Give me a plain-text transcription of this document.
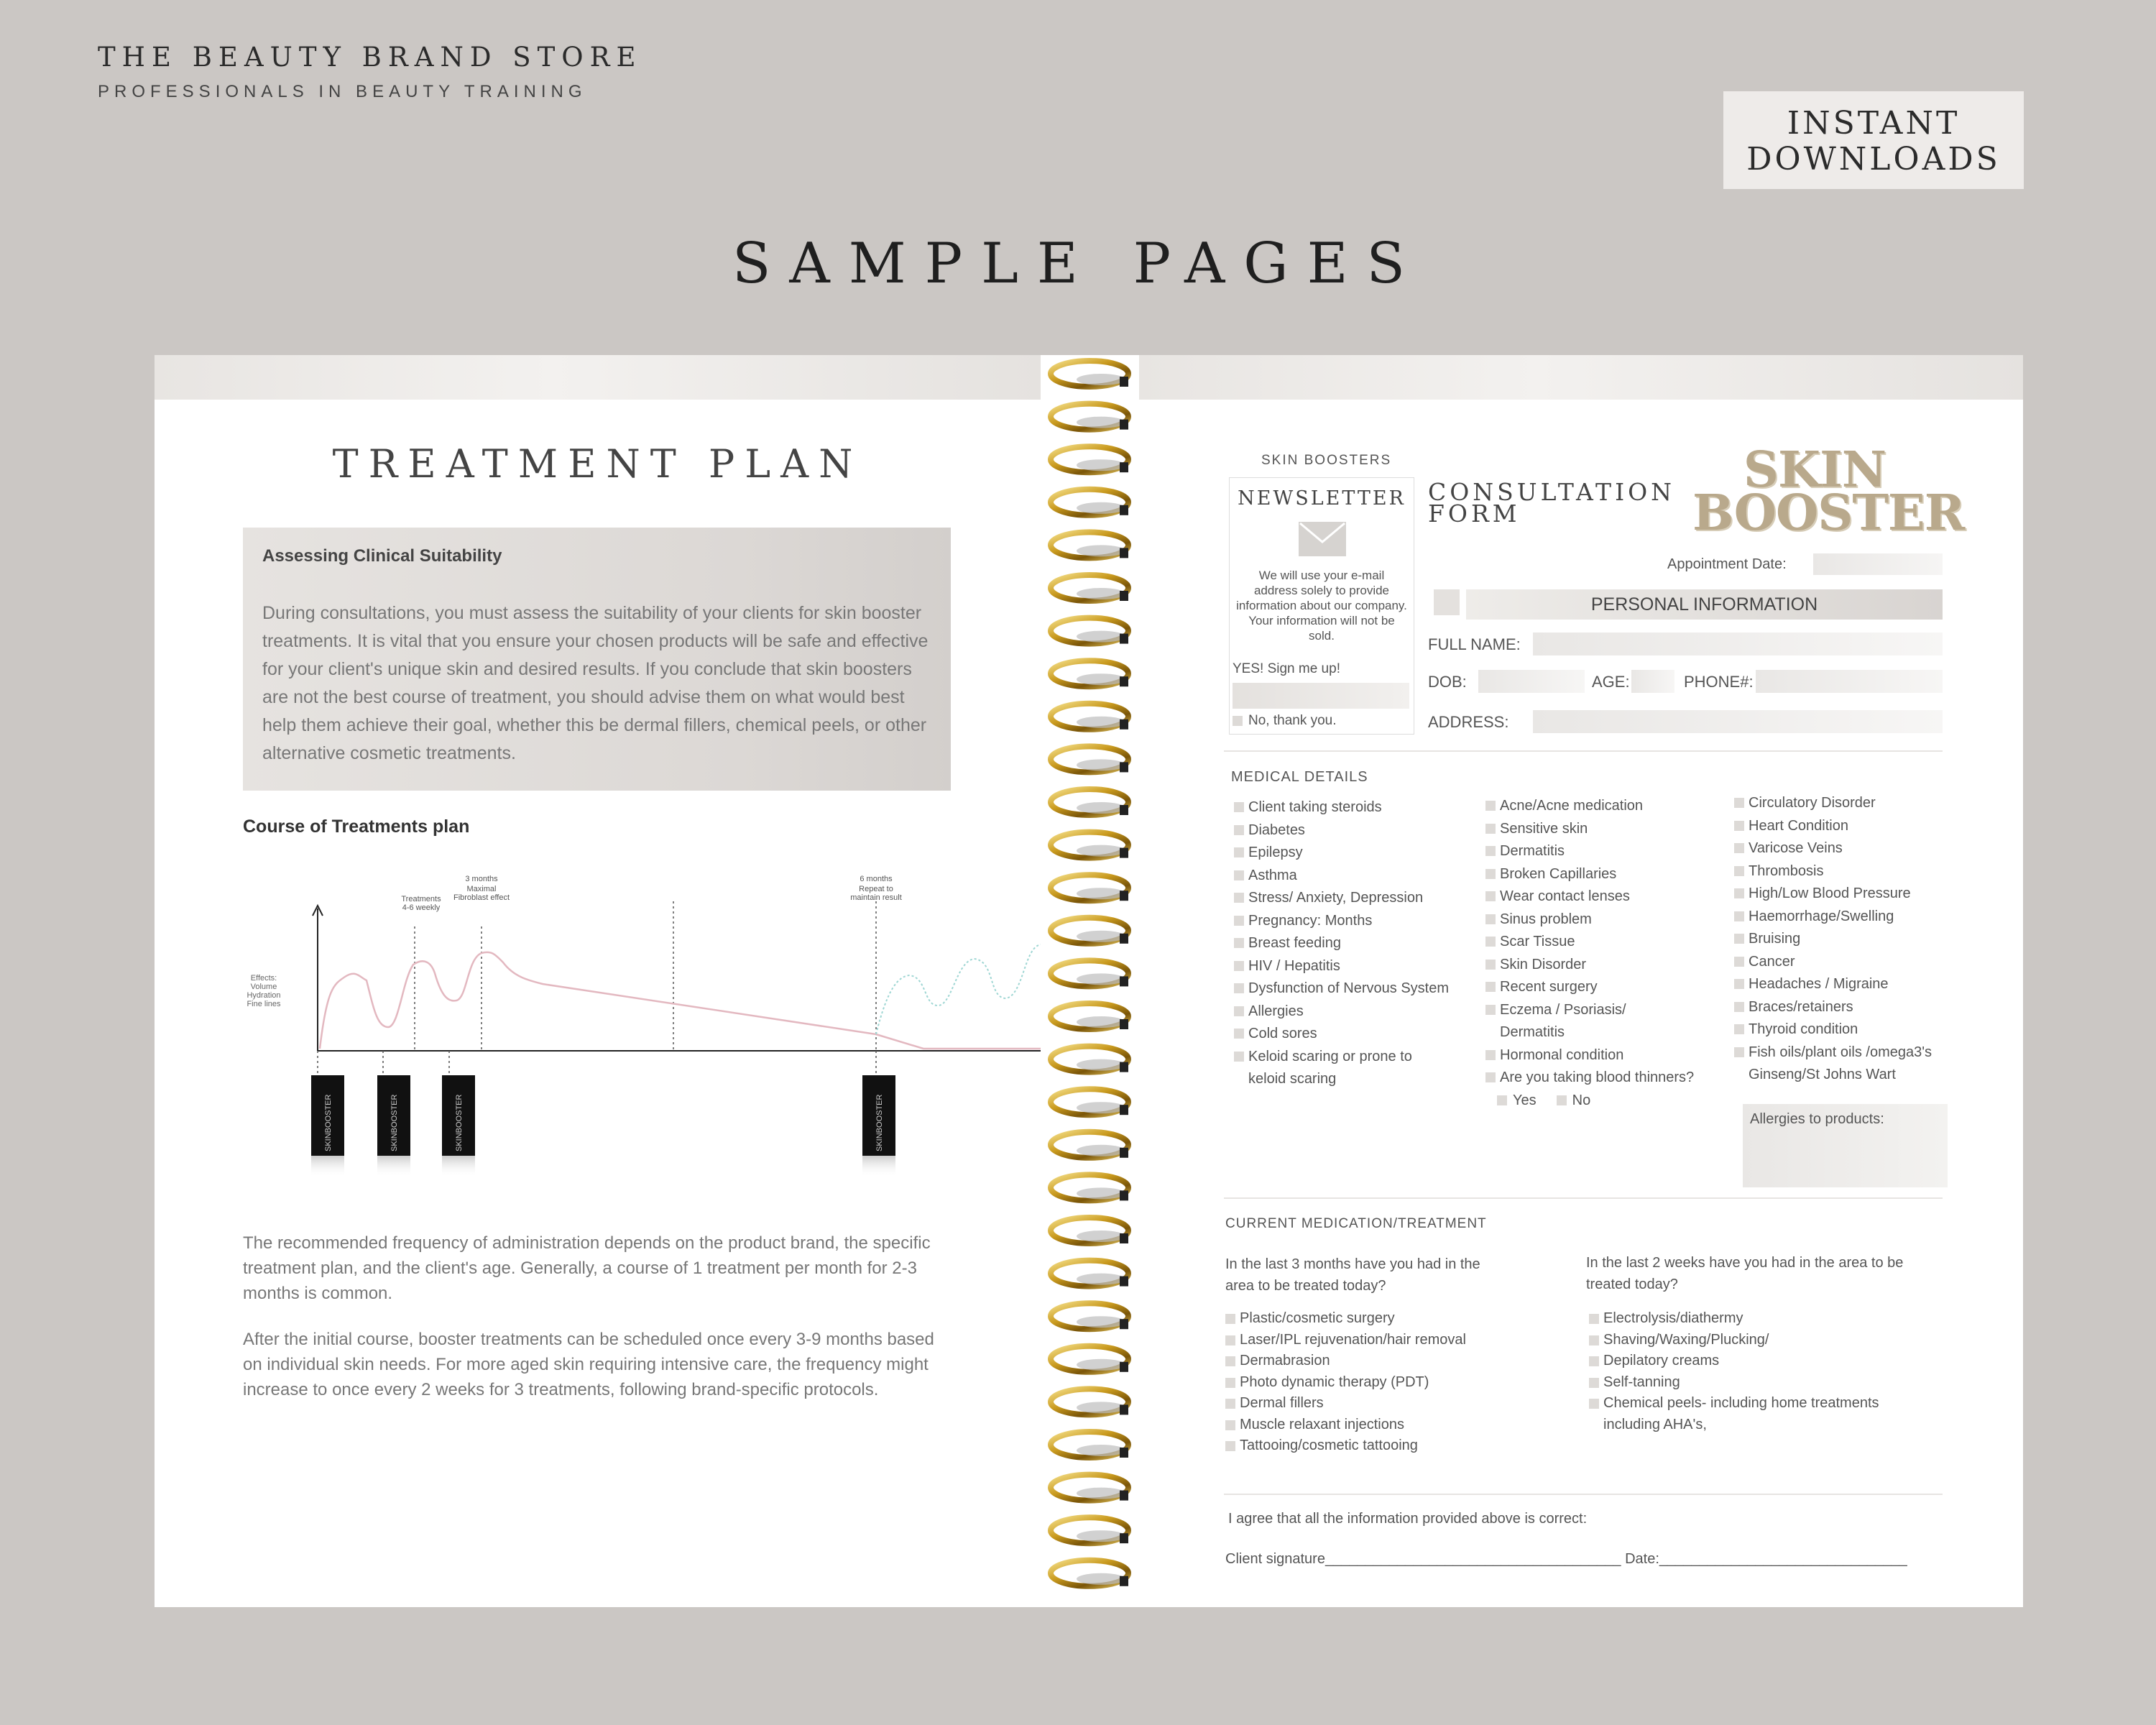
THE BEAUTY BRAND STORE
PROFESSIONALS IN BEAUTY TRAINING
INSTANT
DOWNLOADS
SAMPLE PAGES
TREATMENT PLAN
Assessing Clinical Suitability
During consultations, you must assess the suitability of your clients for skin booster treatments. It is vital that you ensure your chosen products will be safe and effective for your client's unique skin and desired results. If you conclude that skin boosters are not the best course of treatment, you should advise them on what would best help them achieve their goal, whether this be dermal fillers, chemical peels, or other alternative cosmetic treatments.
Course of Treatments plan
Effects:
Volume
Hydration
Fine lines
Treatments
4-6 weekly
3 months
Maximal
Fibroblast effect
6 months
Repeat to
maintain result
SKINBOOSTER	SKINBOOSTER	SKINBOOSTER	SKINBOOSTER
The recommended frequency of administration depends on the product brand, the specific treatment plan, and the client's age. Generally, a course of 1 treatment per month for 2-3 months is common.
After the initial course, booster treatments can be scheduled once every 3-9 months based on individual skin needs. For more aged skin requiring intensive care, the frequency might increase to once every 2 weeks for 3 treatments, following brand-specific protocols.
SKIN BOOSTERS
NEWSLETTER
We will use your e-mail address solely to provide information about our company. Your information will not be sold.
YES! Sign me up!
No, thank you.
CONSULTATION
FORM
SKIN
BOOSTER
Appointment Date:
PERSONAL INFORMATION
FULL NAME:
DOB:	AGE:	PHONE#:
ADDRESS:
MEDICAL DETAILS
Client taking steroids
Diabetes
Epilepsy
Asthma
Stress/ Anxiety, Depression
Pregnancy: Months
Breast feeding
HIV / Hepatitis
Dysfunction of Nervous System
Allergies
Cold sores
Keloid scaring or prone to keloid scaring
Acne/Acne medication
Sensitive skin
Dermatitis
Broken Capillaries
Wear contact lenses
Sinus problem
Scar Tissue
Skin Disorder
Recent surgery
Eczema / Psoriasis/ Dermatitis
Hormonal condition
Are you taking blood thinners?
Yes	No
Circulatory Disorder
Heart Condition
Varicose Veins
Thrombosis
High/Low Blood Pressure
Haemorrhage/Swelling
Bruising
Cancer
Headaches / Migraine
Braces/retainers
Thyroid condition
Fish oils/plant oils /omega3's Ginseng/St Johns Wart
Allergies to products:
CURRENT MEDICATION/TREATMENT
In the last 3 months have you had in the area to be treated today?
In the last 2 weeks have you had in the area to be treated today?
Plastic/cosmetic surgery
Laser/IPL rejuvenation/hair removal
Dermabrasion
Photo dynamic therapy (PDT)
Dermal fillers
Muscle relaxant injections
Tattooing/cosmetic tattooing
Electrolysis/diathermy
Shaving/Waxing/Plucking/
Depilatory creams
Self-tanning
Chemical peels- including home treatments including AHA's,
I agree that all the information provided above is correct:
Client signature_____________________________________ Date:_______________________________
